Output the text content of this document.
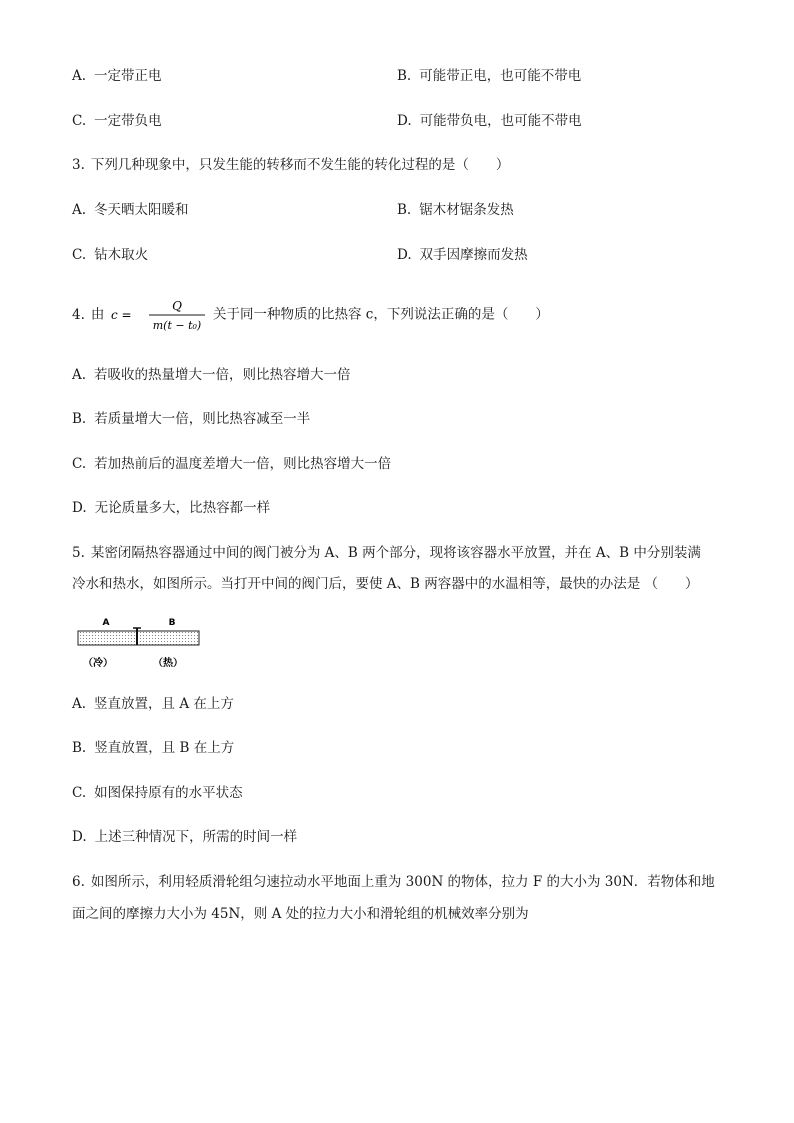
A. 一定带正电	B. 可能带正电，也可能不带电
C. 一定带负电	D. 可能带负电，也可能不带电
3. 下列几种现象中，只发生能的转移而不发生能的转化过程的是（　　）
A. 冬天晒太阳暖和	B. 锯木材锯条发热
C. 钻木取火	D. 双手因摩擦而发热
4. 由 c =
Q
m(t − t₀)
关于同一种物质的比热容 c，下列说法正确的是（　　）
A. 若吸收的热量增大一倍，则比热容增大一倍
B. 若质量增大一倍，则比热容减至一半
C. 若加热前后的温度差增大一倍，则比热容增大一倍
D. 无论质量多大，比热容都一样
5. 某密闭隔热容器通过中间的阀门被分为 A、B 两个部分，现将该容器水平放置，并在 A、B 中分别装满
冷水和热水，如图所示。当打开中间的阀门后，要使 A、B 两容器中的水温相等，最快的办法是 （　　）
A	B
（冷）	（热）
A. 竖直放置，且 A 在上方
B. 竖直放置，且 B 在上方
C. 如图保持原有的水平状态
D. 上述三种情况下，所需的时间一样
6. 如图所示，利用轻质滑轮组匀速拉动水平地面上重为 300N 的物体，拉力 F 的大小为 30N．若物体和地
面之间的摩擦力大小为 45N，则 A 处的拉力大小和滑轮组的机械效率分别为
